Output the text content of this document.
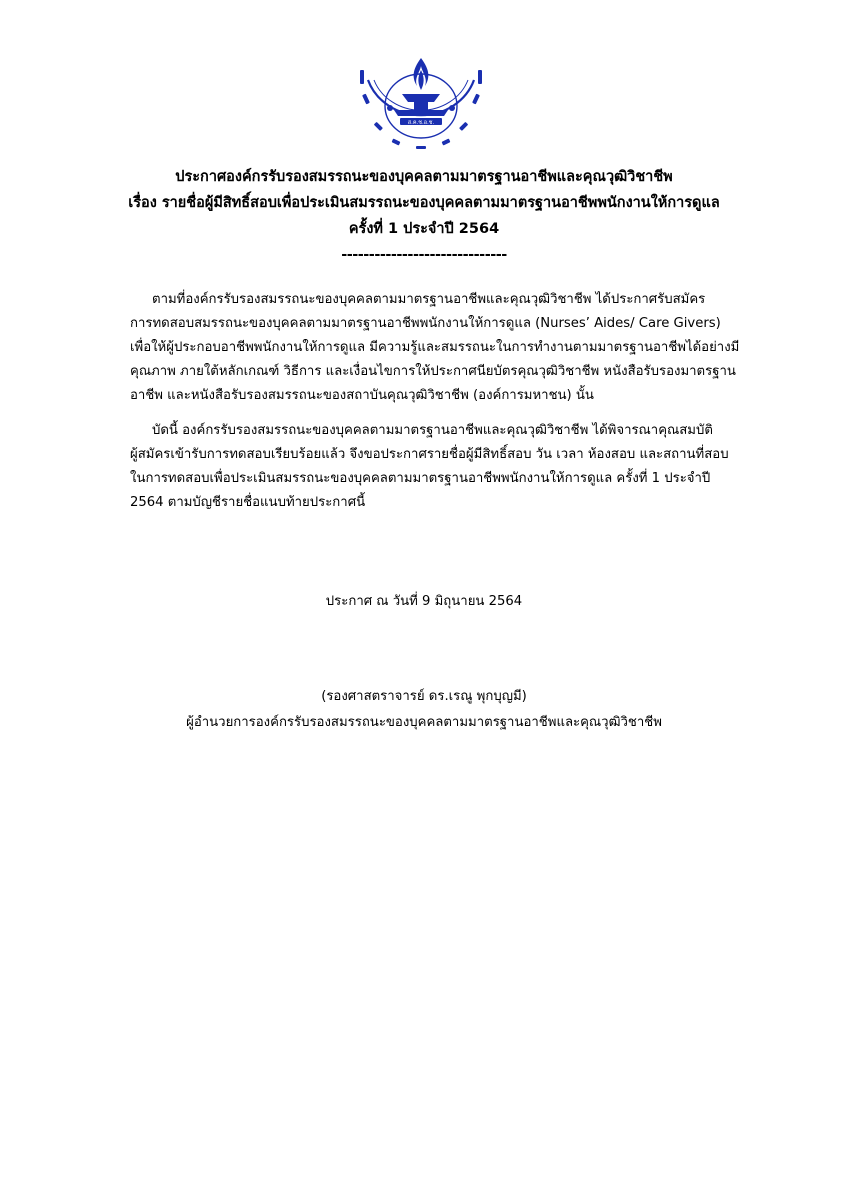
ส.ค.ช.อ.ช.
ประกาศองค์กรรับรองสมรรถนะของบุคคลตามมาตรฐานอาชีพและคุณวุฒิวิชาชีพ
เรื่อง รายชื่อผู้มีสิทธิ์สอบเพื่อประเมินสมรรถนะของบุคคลตามมาตรฐานอาชีพพนักงานให้การดูแล
ครั้งที่ 1 ประจำปี 2564
------------------------------
ตามที่องค์กรรับรองสมรรถนะของบุคคลตามมาตรฐานอาชีพและคุณวุฒิวิชาชีพ ได้ประกาศรับสมัคร
การทดสอบสมรรถนะของบุคคลตามมาตรฐานอาชีพพนักงานให้การดูแล (Nurses’ Aides/ Care Givers)
เพื่อให้ผู้ประกอบอาชีพพนักงานให้การดูแล มีความรู้และสมรรถนะในการทำงานตามมาตรฐานอาชีพได้อย่างมี
คุณภาพ ภายใต้หลักเกณฑ์ วิธีการ และเงื่อนไขการให้ประกาศนียบัตรคุณวุฒิวิชาชีพ หนังสือรับรองมาตรฐาน
อาชีพ และหนังสือรับรองสมรรถนะของสถาบันคุณวุฒิวิชาชีพ (องค์การมหาชน) นั้น
บัดนี้ องค์กรรับรองสมรรถนะของบุคคลตามมาตรฐานอาชีพและคุณวุฒิวิชาชีพ ได้พิจารณาคุณสมบัติ
ผู้สมัครเข้ารับการทดสอบเรียบร้อยแล้ว จึงขอประกาศรายชื่อผู้มีสิทธิ์สอบ วัน เวลา ห้องสอบ และสถานที่สอบ
ในการทดสอบเพื่อประเมินสมรรถนะของบุคคลตามมาตรฐานอาชีพพนักงานให้การดูแล ครั้งที่ 1 ประจำปี
2564 ตามบัญชีรายชื่อแนบท้ายประกาศนี้
ประกาศ ณ วันที่ 9 มิถุนายน 2564
(รองศาสตราจารย์ ดร.เรณู พุกบุญมี)
ผู้อำนวยการองค์กรรับรองสมรรถนะของบุคคลตามมาตรฐานอาชีพและคุณวุฒิวิชาชีพ
